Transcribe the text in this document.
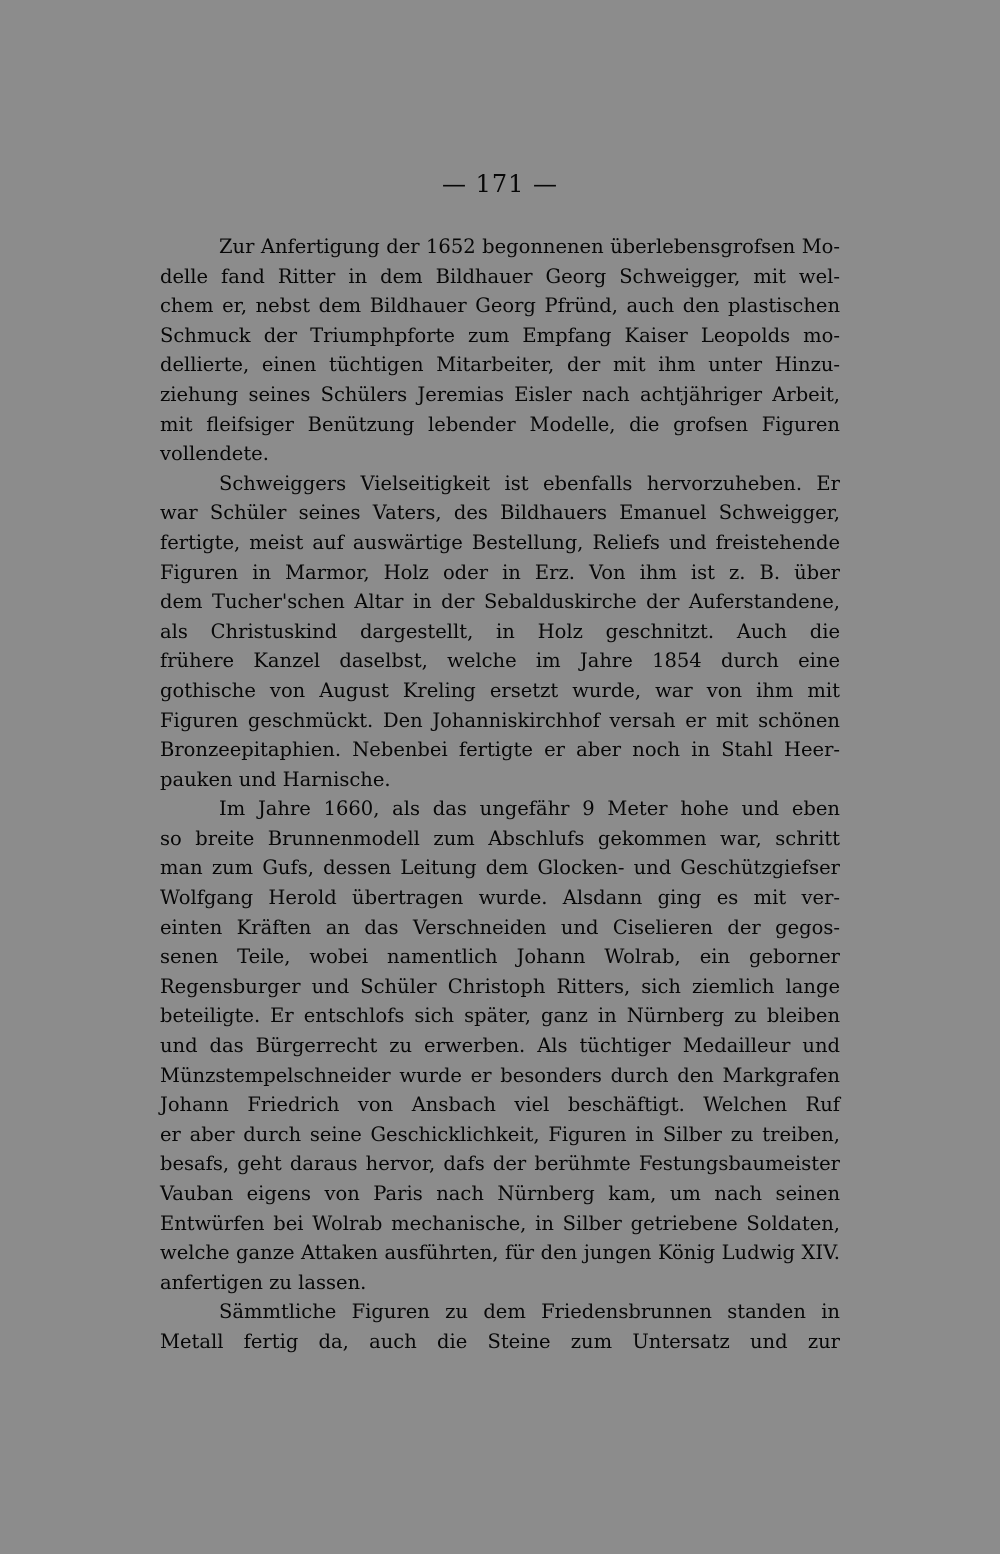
— 171 —
Zur Anfertigung der 1652 begonnenen überlebensgrofsen Mo-
delle fand Ritter in dem Bildhauer Georg Schweigger, mit wel-
chem er, nebst dem Bildhauer Georg Pfründ, auch den plastischen
Schmuck der Triumphpforte zum Empfang Kaiser Leopolds mo-
dellierte, einen tüchtigen Mitarbeiter, der mit ihm unter Hinzu-
ziehung seines Schülers Jeremias Eisler nach achtjähriger Arbeit,
mit fleifsiger Benützung lebender Modelle, die grofsen Figuren
vollendete.
Schweiggers Vielseitigkeit ist ebenfalls hervorzuheben. Er
war Schüler seines Vaters, des Bildhauers Emanuel Schweigger,
fertigte, meist auf auswärtige Bestellung, Reliefs und freistehende
Figuren in Marmor, Holz oder in Erz. Von ihm ist z. B. über
dem Tucher'schen Altar in der Sebalduskirche der Auferstandene,
als Christuskind dargestellt, in Holz geschnitzt. Auch die
frühere Kanzel daselbst, welche im Jahre 1854 durch eine
gothische von August Kreling ersetzt wurde, war von ihm mit
Figuren geschmückt. Den Johanniskirchhof versah er mit schönen
Bronzeepitaphien. Nebenbei fertigte er aber noch in Stahl Heer-
pauken und Harnische.
Im Jahre 1660, als das ungefähr 9 Meter hohe und eben
so breite Brunnenmodell zum Abschlufs gekommen war, schritt
man zum Gufs, dessen Leitung dem Glocken- und Geschützgiefser
Wolfgang Herold übertragen wurde. Alsdann ging es mit ver-
einten Kräften an das Verschneiden und Ciselieren der gegos-
senen Teile, wobei namentlich Johann Wolrab, ein geborner
Regensburger und Schüler Christoph Ritters, sich ziemlich lange
beteiligte. Er entschlofs sich später, ganz in Nürnberg zu bleiben
und das Bürgerrecht zu erwerben. Als tüchtiger Medailleur und
Münzstempelschneider wurde er besonders durch den Markgrafen
Johann Friedrich von Ansbach viel beschäftigt. Welchen Ruf
er aber durch seine Geschicklichkeit, Figuren in Silber zu treiben,
besafs, geht daraus hervor, dafs der berühmte Festungsbaumeister
Vauban eigens von Paris nach Nürnberg kam, um nach seinen
Entwürfen bei Wolrab mechanische, in Silber getriebene Soldaten,
welche ganze Attaken ausführten, für den jungen König Ludwig XIV.
anfertigen zu lassen.
Sämmtliche Figuren zu dem Friedensbrunnen standen in
Metall fertig da, auch die Steine zum Untersatz und zur
